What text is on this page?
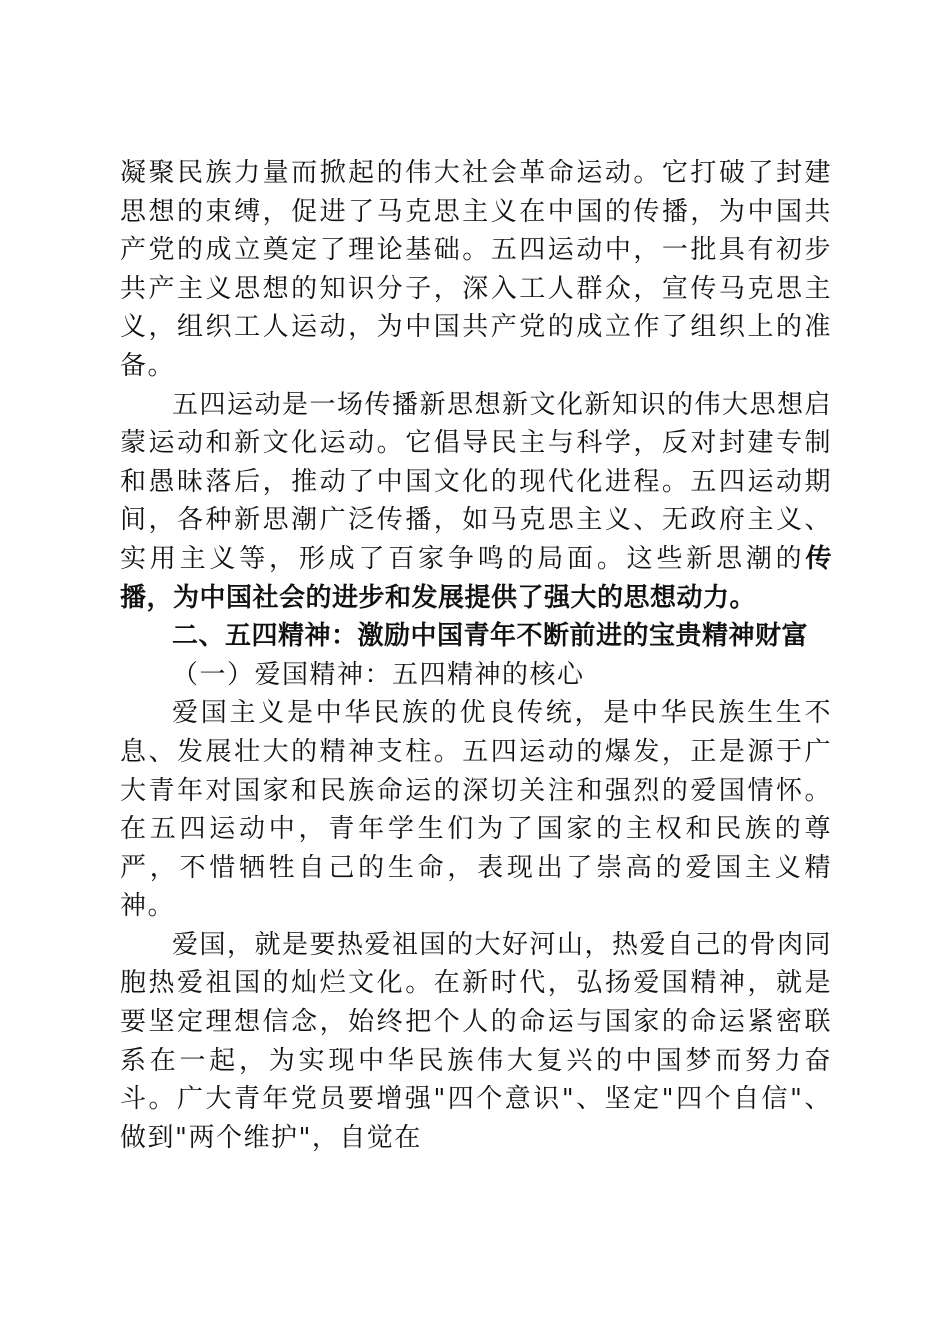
凝聚民族力量而掀起的伟大社会革命运动。它打破了封建思想的束缚，促进了马克思主义在中国的传播，为中国共产党的成立奠定了理论基础。五四运动中，一批具有初步共产主义思想的知识分子，深入工人群众，宣传马克思主义，组织工人运动，为中国共产党的成立作了组织上的准备。

五四运动是一场传播新思想新文化新知识的伟大思想启蒙运动和新文化运动。它倡导民主与科学，反对封建专制和愚昧落后，推动了中国文化的现代化进程。五四运动期间，各种新思潮广泛传播，如马克思主义、无政府主义、实用主义等，形成了百家争鸣的局面。这些新思潮的传播，为中国社会的进步和发展提供了强大的思想动力。

二、五四精神：激励中国青年不断前进的宝贵精神财富

（一）爱国精神：五四精神的核心

爱国主义是中华民族的优良传统，是中华民族生生不息、发展壮大的精神支柱。五四运动的爆发，正是源于广大青年对国家和民族命运的深切关注和强烈的爱国情怀。在五四运动中，青年学生们为了国家的主权和民族的尊严，不惜牺牲自己的生命，表现出了崇高的爱国主义精神。

爱国，就是要热爱祖国的大好河山，热爱自己的骨肉同胞热爱祖国的灿烂文化。在新时代，弘扬爱国精神，就是要坚定理想信念，始终把个人的命运与国家的命运紧密联系在一起，为实现中华民族伟大复兴的中国梦而努力奋斗。广大青年党员要增强"四个意识"、坚定"四个自信"、做到"两个维护"，自觉在
